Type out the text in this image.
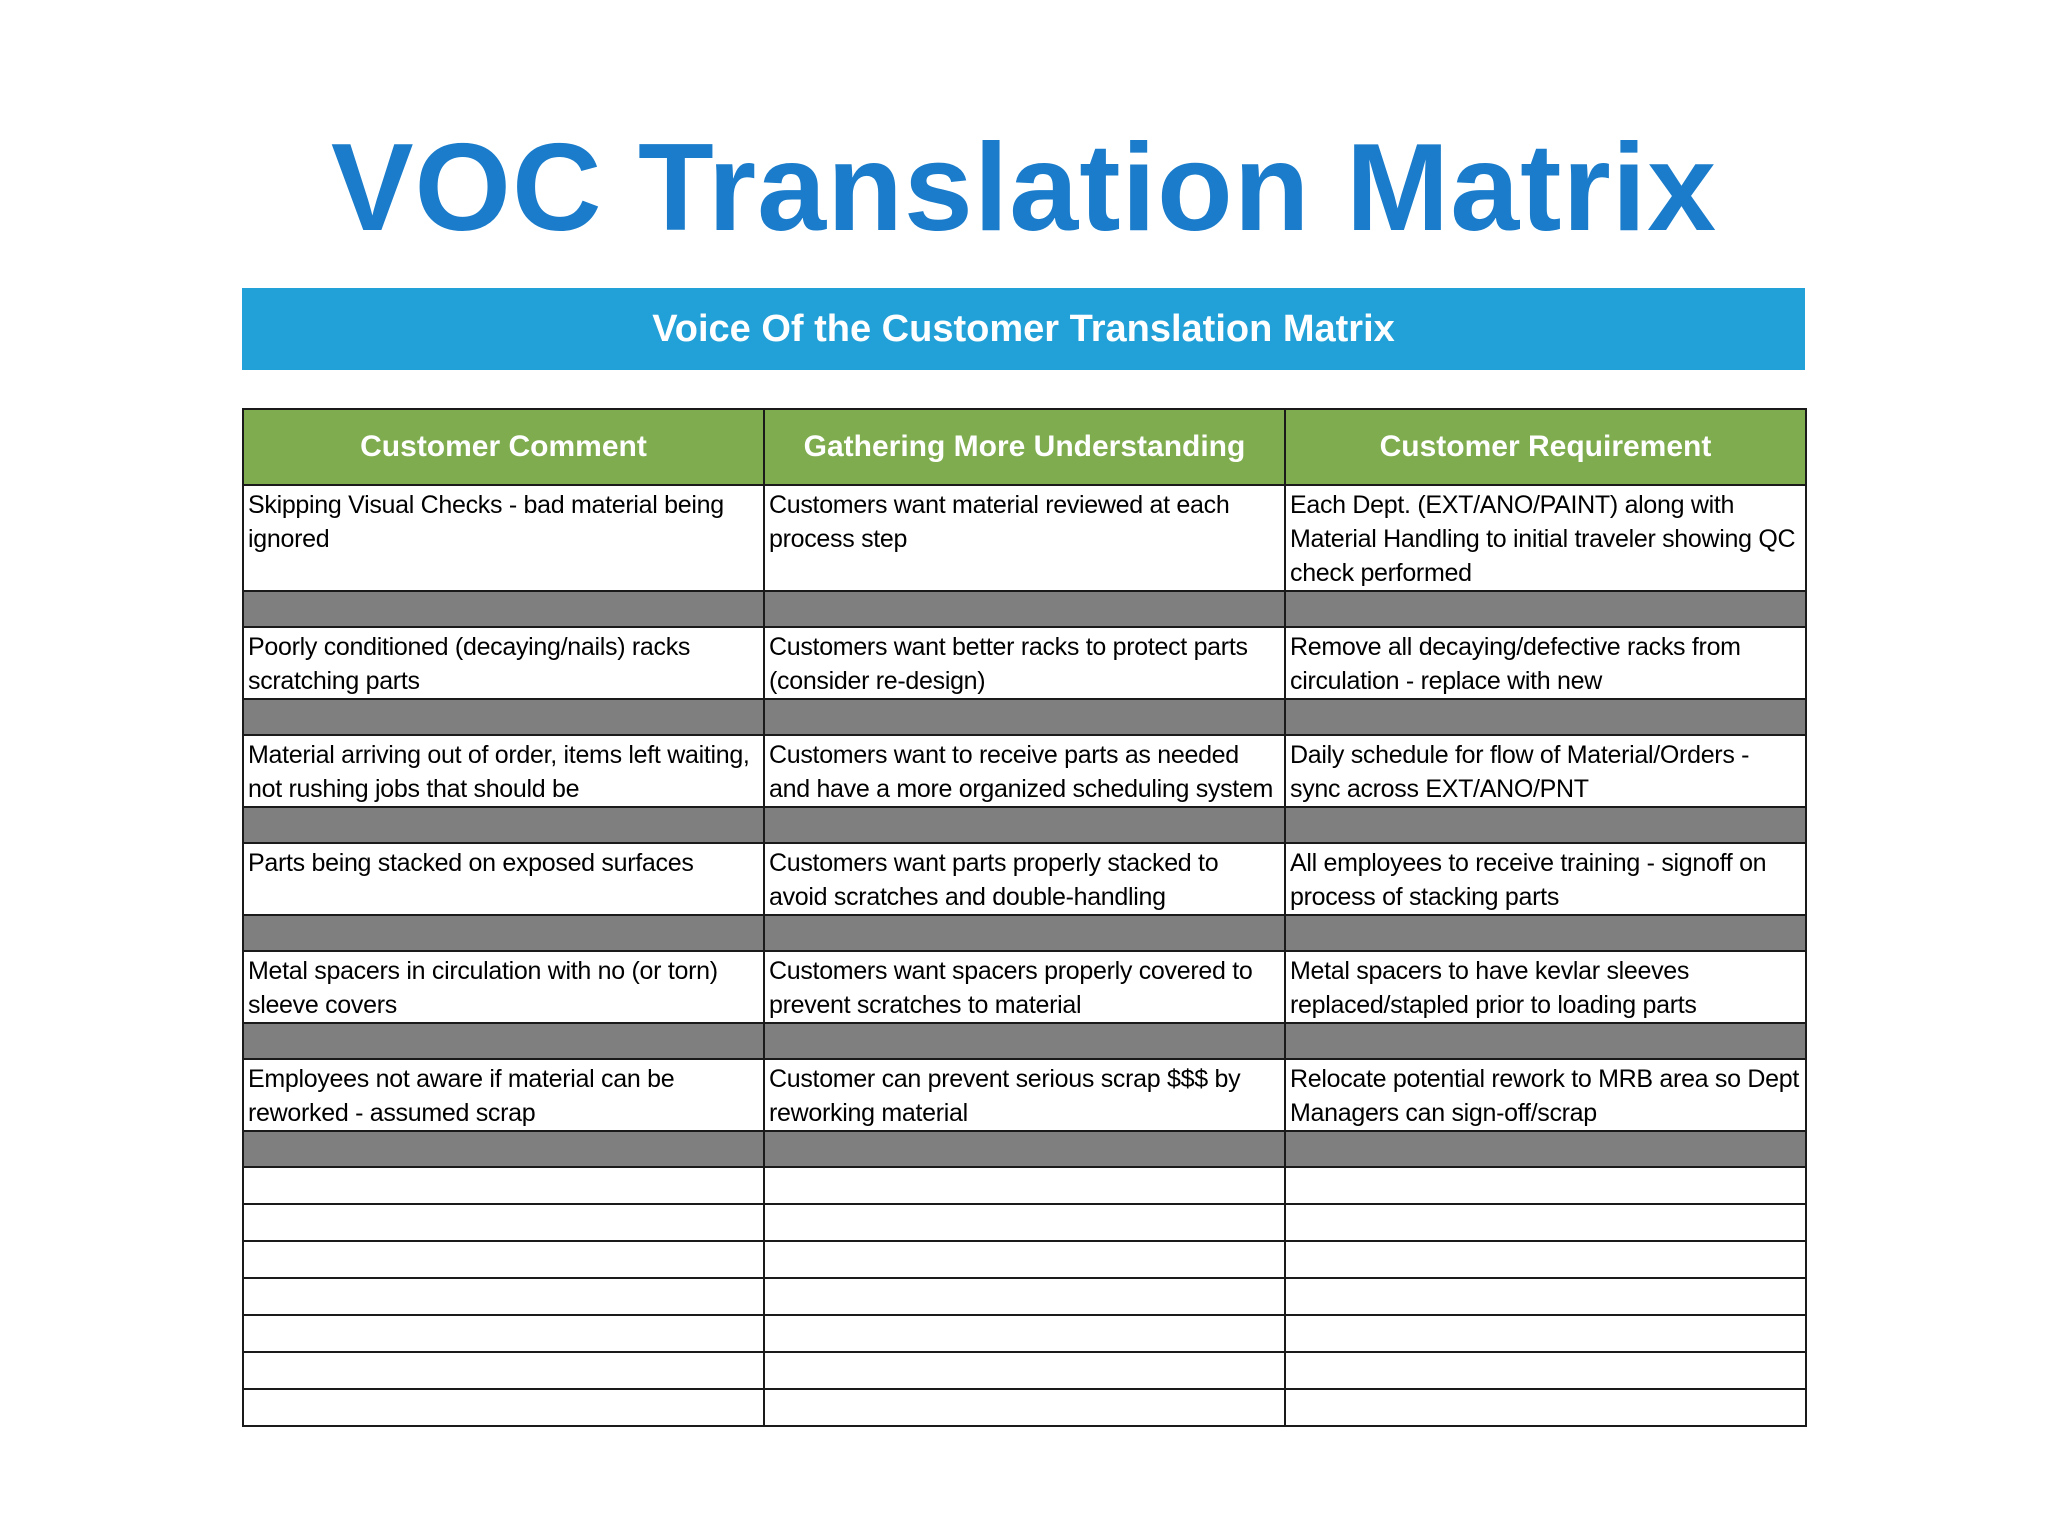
VOC Translation Matrix
Voice Of the Customer Translation Matrix
Customer Comment	Gathering More Understanding	Customer Requirement
Skipping Visual Checks - bad material being ignored	Customers want material reviewed at each process step	Each Dept. (EXT/ANO/PAINT) along with Material Handling to initial traveler showing QC check performed

Poorly conditioned (decaying/nails) racks scratching parts	Customers want better racks to protect parts (consider re-design)	Remove all decaying/defective racks from circulation - replace with new

Material arriving out of order, items left waiting, not rushing jobs that should be	Customers want to receive parts as needed and have a more organized scheduling system	Daily schedule for flow of Material/Orders - sync across EXT/ANO/PNT

Parts being stacked on exposed surfaces	Customers want parts properly stacked to avoid scratches and double-handling	All employees to receive training - signoff on process of stacking parts

Metal spacers in circulation with no (or torn) sleeve covers	Customers want spacers properly covered to prevent scratches to material	Metal spacers to have kevlar sleeves replaced/stapled prior to loading parts

Employees not aware if material can be reworked - assumed scrap	Customer can prevent serious scrap $$$ by reworking material	Relocate potential rework to MRB area so Dept Managers can sign-off/scrap
